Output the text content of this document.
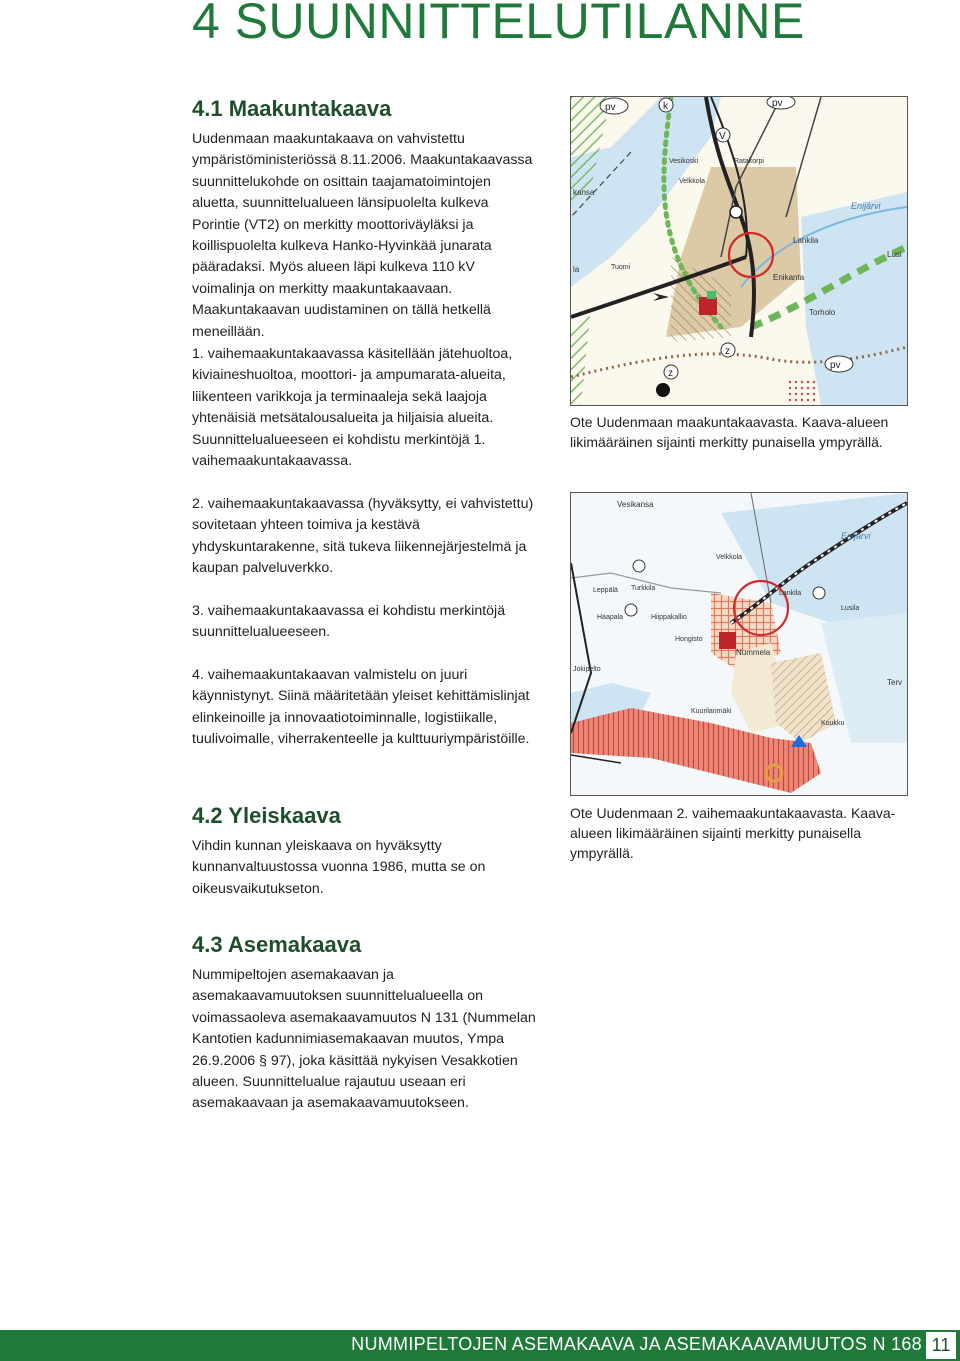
4 SUUNNITTELUTILANNE
4.1 Maakuntakaava

Uudenmaan maakuntakaava on vahvistettu ympäristöministeriössä 8.11.2006. Maakuntakaavassa suunnittelukohde on osittain taajamatoimintojen aluetta, suunnittelualueen länsipuolelta kulkeva Porintie (VT2) on merkitty moottoriväyläksi ja koillispuolelta kulkeva Hanko-Hyvinkää junarata pääradaksi. Myös alueen läpi kulkeva 110 kV voimalinja on merkitty maakuntakaavaan. Maakuntakaavan uudistaminen on tällä hetkellä meneillään.

1. vaihemaakuntakaavassa käsitellään jätehuoltoa, kiviaineshuoltoa, moottori- ja ampumarata-alueita, liikenteen varikkoja ja terminaaleja sekä laajoja yhtenäisiä metsätalousalueita ja hiljaisia alueita. Suunnittelualueeseen ei kohdistu merkintöjä 1. vaihemaakuntakaavassa.

2. vaihemaakuntakaavassa (hyväksytty, ei vahvistettu) sovitetaan yhteen toimiva ja kestävä yhdyskuntarakenne, sitä tukeva liikennejärjestelmä ja kaupan palveluverkko.

3. vaihemaakuntakaavassa ei kohdistu merkintöjä suunnittelualueeseen.

4. vaihemaakuntakaavan valmistelu on juuri käynnistynyt. Siinä määritetään yleiset kehittämislinjat elinkeinoille ja innovaatiotoiminnalle, logistiikalle, tuulivoimalle, viherrakenteelle ja kulttuuriympäristöille.

4.2 Yleiskaava

Vihdin kunnan yleiskaava on hyväksytty kunnanvaltuustossa vuonna 1986, mutta se on oikeusvaikutukseton.

4.3 Asemakaava

Nummipeltojen asemakaavan ja asemakaavamuutoksen suunnittelualueella on voimassaoleva asemakaavamuutos N 131 (Nummelan Kantotien kadunnimiasemakaavan muutos, Ympa 26.9.2006 § 97), joka käsittää nykyisen Vesakkotien alueen. Suunnittelualue rajautuu useaan eri asemakaavaan ja asemakaavamuutokseen.

pv	k	pv
V
Vesikoski	Ratakorpi
kansa
Velkkola
Enijärvi
Lankila
Lusi
Tuomi
Enikanta
Torholo
la
z
z
pv

Ote Uudenmaan maakuntakaavasta. Kaava-alueen likimääräinen sijainti merkitty punaisella ympyrällä.

Vesikansa
Velkkola
Enijärvi
Leppälä Turkkila
Lankila
Lusila
Haapala	Hiippakallio
Hongisto
Nummela
Jokipelto
Terv
Koukku
Kuurilanmäki

Ote Uudenmaan 2. vaihemaakuntakaavasta. Kaava-alueen likimääräinen sijainti merkitty punaisella ympyrällä.

NUMMIPELTOJEN ASEMAKAAVA JA ASEMAKAAVAMUUTOS N 168 11
